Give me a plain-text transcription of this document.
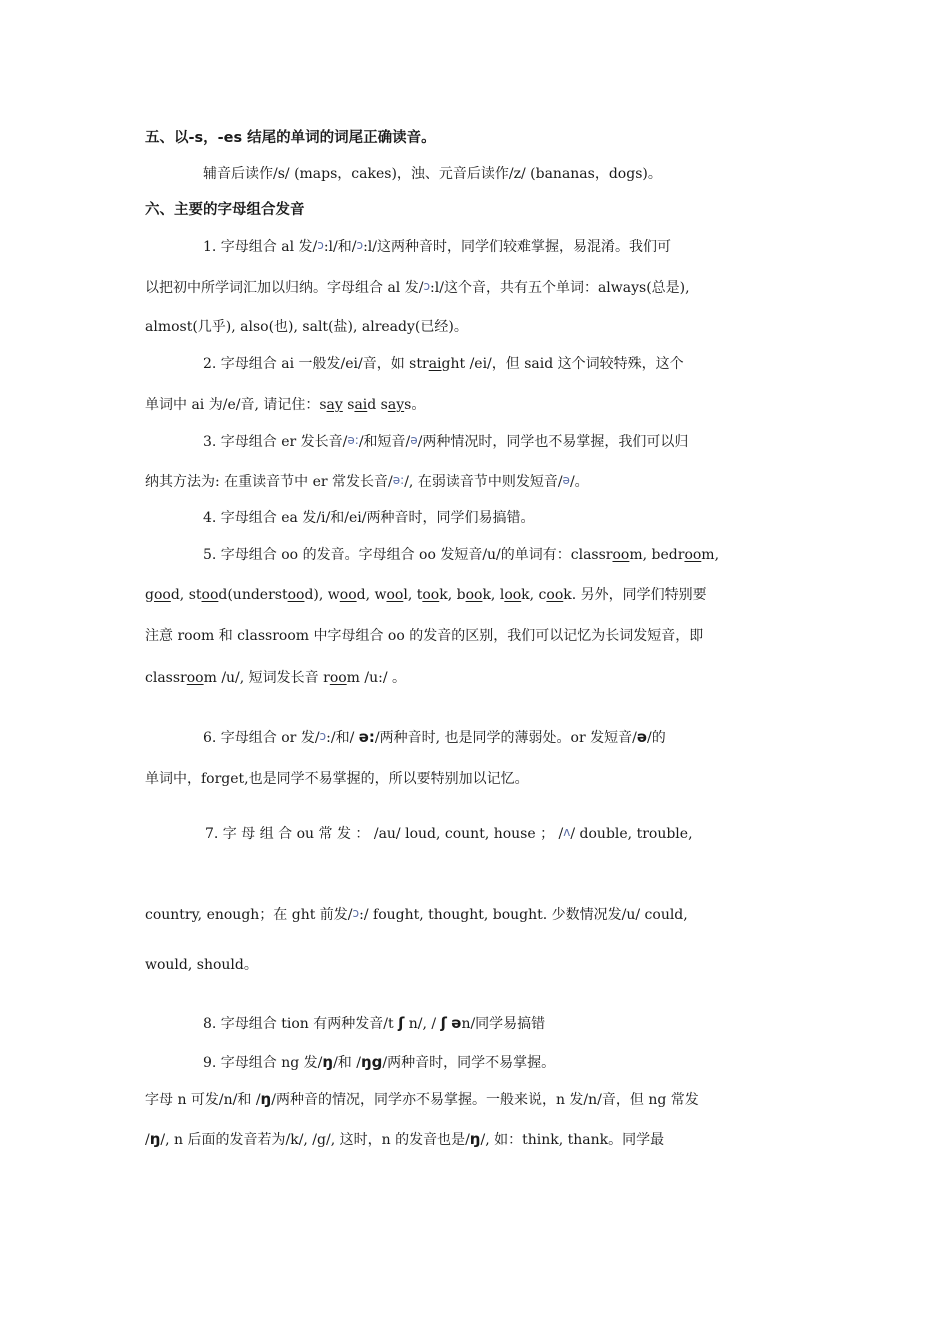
五、以-s，-es 结尾的单词的词尾正确读音。
辅音后读作/s/ (maps，cakes)，浊、元音后读作/z/ (bananas，dogs)。
六、主要的字母组合发音
1. 字母组合 al 发/ɔ:l/和/ɔ:l/这两种音时，同学们较难掌握，易混淆。我们可
以把初中所学词汇加以归纳。字母组合 al 发/ɔ:l/这个音，共有五个单词：always(总是),
almost(几乎), also(也), salt(盐), already(已经)。
2. 字母组合 ai 一般发/ei/音，如 straight /ei/，但 said 这个词较特殊，这个
单词中 ai 为/e/音, 请记住：say said says。
3. 字母组合 er 发长音/ə:/和短音/ə/两种情况时，同学也不易掌握，我们可以归
纳其方法为: 在重读音节中 er 常发长音/ə:/, 在弱读音节中则发短音/ə/。
4. 字母组合 ea 发/i/和/ei/两种音时，同学们易搞错。
5. 字母组合 oo 的发音。字母组合 oo 发短音/u/的单词有：classroom, bedroom,
good, stood(understood), wood, wool, took, book, look, cook. 另外，同学们特别要
注意 room 和 classroom 中字母组合 oo 的发音的区别，我们可以记忆为长词发短音，即
classroom /u/, 短词发长音 room /u:/ 。
6. 字母组合 or 发/ɔ:/和/ ə:/两种音时, 也是同学的薄弱处。or 发短音/ə/的
单词中，forget,也是同学不易掌握的，所以要特别加以记忆。
7. 字 母 组 合 ou 常 发 ： /au/ loud, count, house ； /ʌ/ double, trouble,
country, enough；在 ght 前发/ɔ:/ fought, thought, bought. 少数情况发/u/ could,
would, should。
8. 字母组合 tion 有两种发音/t ʃ n/, / ʃ ən/同学易搞错
9. 字母组合 ng 发/ŋ/和 /ŋg/两种音时，同学不易掌握。
字母 n 可发/n/和 /ŋ/两种音的情况，同学亦不易掌握。一般来说，n 发/n/音，但 ng 常发
/ŋ/, n 后面的发音若为/k/, /g/, 这时，n 的发音也是/ŋ/, 如：think, thank。同学最
